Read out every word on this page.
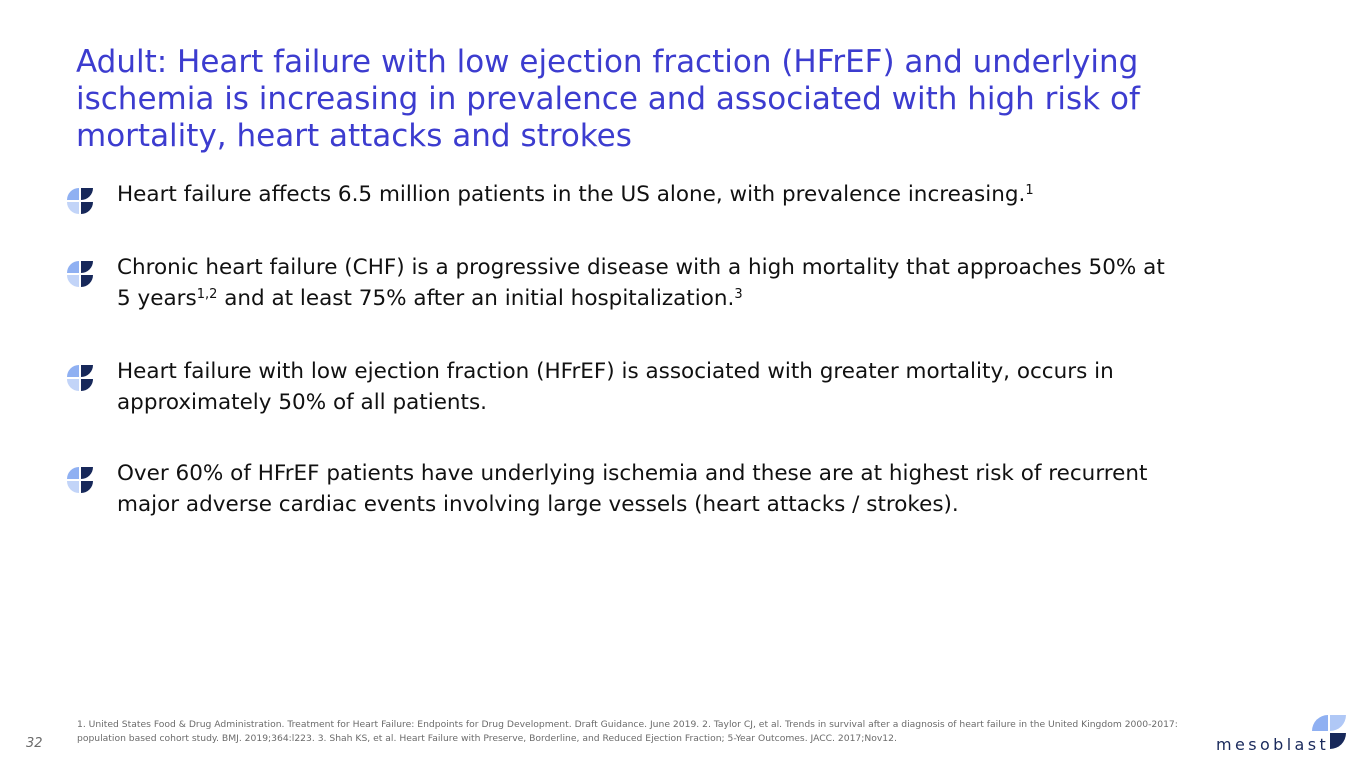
Adult: Heart failure with low ejection fraction (HFrEF) and underlying ischemia is increasing in prevalence and associated with high risk of mortality, heart attacks and strokes
Heart failure affects 6.5 million patients in the US alone, with prevalence increasing.$^1$
Chronic heart failure (CHF) is a progressive disease with a high mortality that approaches 50% at 5 years$^{1,2}$ and at least 75% after an initial hospitalization.$^3$
Heart failure with low ejection fraction (HFrEF) is associated with greater mortality, occurs in approximately 50% of all patients.
Over 60% of HFrEF patients have underlying ischemia and these are at highest risk of recurrent major adverse cardiac events involving large vessels (heart attacks / strokes).
1. United States Food & Drug Administration. Treatment for Heart Failure: Endpoints for Drug Development. Draft Guidance. June 2019. 2. Taylor CJ, et al. Trends in survival after a diagnosis of heart failure in the United Kingdom 2000-2017: population based cohort study. BMJ. 2019;364:l223. 3. Shah KS, et al. Heart Failure with Preserve, Borderline, and Reduced Ejection Fraction; 5-Year Outcomes. JACC. 2017;Nov12.
32	mesoblast
